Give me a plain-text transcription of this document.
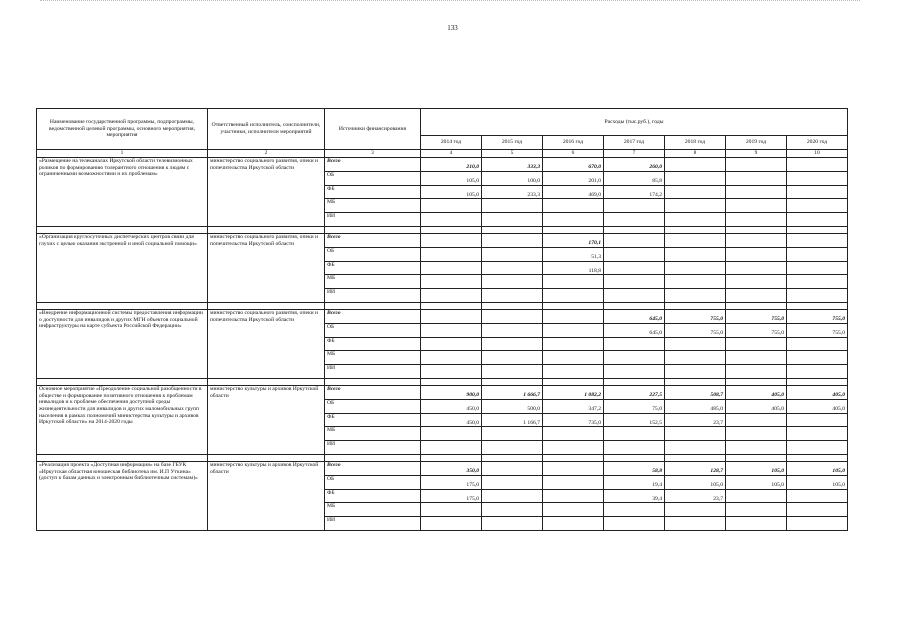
133
Наименование государственной программы, подпрограммы, ведомственной целевой программы, основного мероприятия, мероприятия	Ответственный исполнитель, соисполнители, участники, исполнители мероприятий	Источники финансирования	Расходы (тыс.руб.), годы						
			2014 год	2015 год	2016 год	2017 год	2018 год	2019 год	2020 год
1	2	3	4	5	6	7	8	9	10
«Размещение на телеканалах Иркутской области телевизионных роликов по формированию толерантного отношения к людям с ограниченными возможностями и их проблемам»	министерство социального развития, опеки и попечительства Иркутской области	Всего	210,0	333,3	670,0	260,0			
		ОБ	105,0	100,0	201,0	85,8			
		ФБ	105,0	233,3	469,0	174,2			
		МБ							
		ИИ							

«Организация круглосуточных диспетчерских центров связи для глухих с целью оказания экстренной и иной социальной помощи»	министерство социального развития, опеки и попечительства Иркутской области	Всего			170,1				
		ОБ			51,3				
		ФБ			118,8				
		МБ							
		ИИ							

«Внедрение информационной системы предоставления информации о доступности для инвалидов и других МГН объектов социальной инфраструктуры на карте субъекта Российской Федерации»	министерство социального развития, опеки и попечительства Иркутской области	Всего				645,0	755,0	755,0	755,0
		ОБ				645,0	755,0	755,0	755,0
		ФБ							
		МБ							
		ИИ							

Основное мероприятие «Преодоление социальной разобщенности в обществе и формирование позитивного отношения к проблемам инвалидов и к проблеме обеспечения доступной среды жизнедеятельности для инвалидов и других маломобильных групп населения в рамках полномочий министерства культуры и архивов Иркутской области» на 2014-2020 годы	министерство культуры и архивов Иркутской области	Всего	900,0	1 666,7	1 082,2	227,5	508,7	405,0	405,0
		ОБ	450,0	500,0	347,2	75,0	485,0	405,0	405,0
		ФБ	450,0	1 166,7	735,0	152,5	23,7		
		МБ							
		ИИ							

«Реализация проекта «Доступная информация» на базе ГБУК «Иркутская областная юношеская библиотека им. И.П Уткина» (доступ к базам данных и электронным библиотечным системам)»	министерство культуры и архивов Иркутской области	Всего	350,0			58,8	128,7	105,0	105,0
		ОБ	175,0			19,4	105,0	105,0	105,0
		ФБ	175,0			39,4	23,7		
		МБ							
		ИИ							
